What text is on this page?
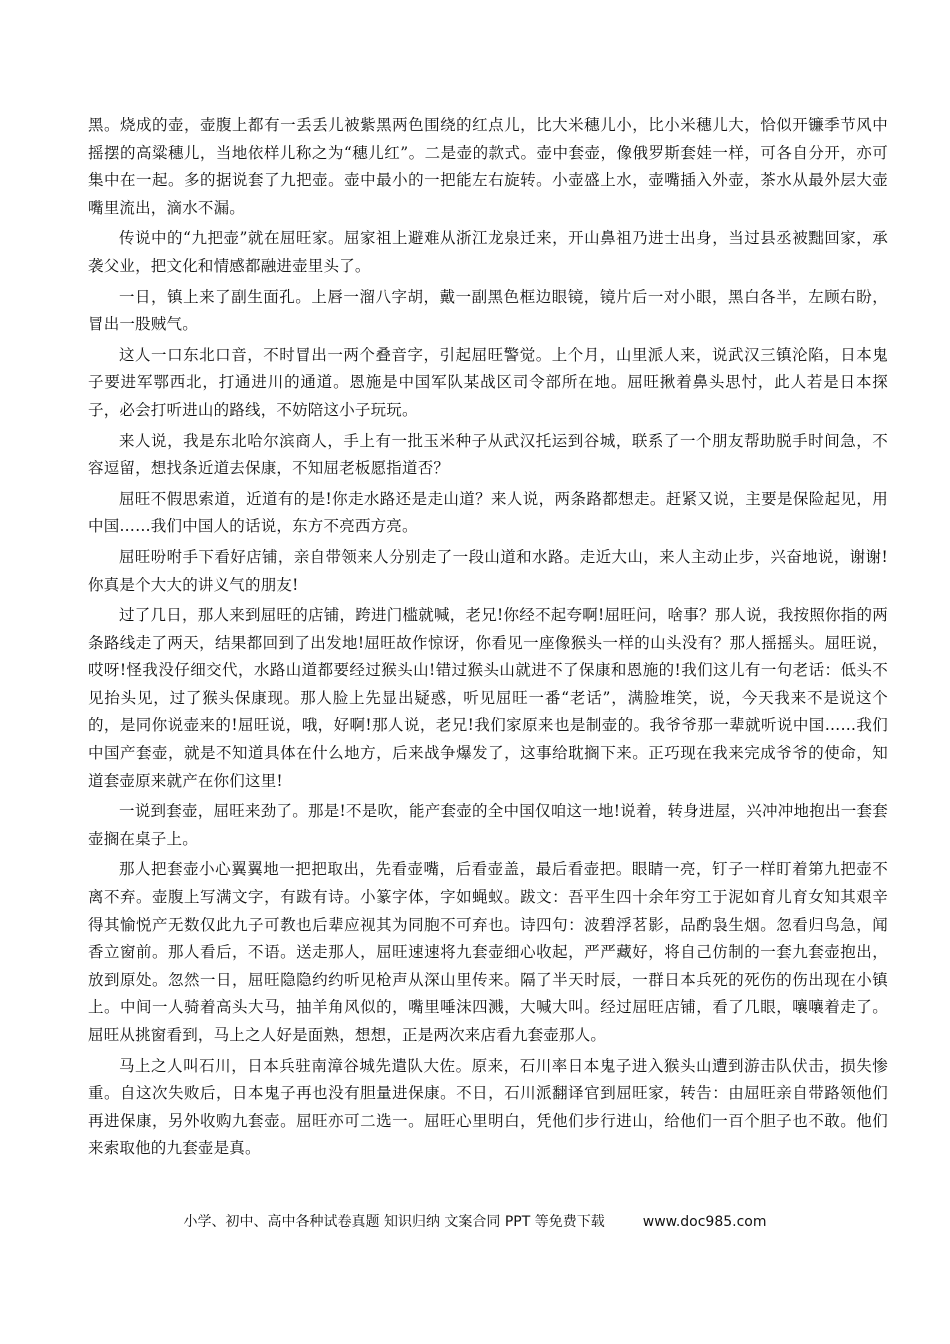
黑。烧成的壶，壶腹上都有一丢丢儿被紫黑两色围绕的红点儿，比大米穗儿小，比小米穗儿大，恰似开镰季节风中摇摆的高粱穗儿，当地依样儿称之为“穗儿红”。二是壶的款式。壶中套壶，像俄罗斯套娃一样，可各自分开，亦可集中在一起。多的据说套了九把壶。壶中最小的一把能左右旋转。小壶盛上水，壶嘴插入外壶，茶水从最外层大壶嘴里流出，滴水不漏。

传说中的“九把壶”就在屈旺家。屈家祖上避难从浙江龙泉迁来，开山鼻祖乃进士出身，当过县丞被黜回家，承袭父业，把文化和情感都融进壶里头了。

一日，镇上来了副生面孔。上唇一溜八字胡，戴一副黑色框边眼镜，镜片后一对小眼，黑白各半，左顾右盼，冒出一股贼气。

这人一口东北口音，不时冒出一两个叠音字，引起屈旺警觉。上个月，山里派人来，说武汉三镇沦陷，日本鬼子要进军鄂西北，打通进川的通道。恩施是中国军队某战区司令部所在地。屈旺揪着鼻头思忖，此人若是日本探子，必会打听进山的路线，不妨陪这小子玩玩。

来人说，我是东北哈尔滨商人，手上有一批玉米种子从武汉托运到谷城，联系了一个朋友帮助脱手时间急，不容逗留，想找条近道去保康，不知屈老板愿指道否？

屈旺不假思索道，近道有的是!你走水路还是走山道？来人说，两条路都想走。赶紧又说，主要是保险起见，用中国……我们中国人的话说，东方不亮西方亮。

屈旺吩咐手下看好店铺，亲自带领来人分别走了一段山道和水路。走近大山，来人主动止步，兴奋地说，谢谢!你真是个大大的讲义气的朋友!

过了几日，那人来到屈旺的店铺，跨进门槛就喊，老兄!你经不起夸啊!屈旺问，啥事？那人说，我按照你指的两条路线走了两天，结果都回到了出发地!屈旺故作惊讶，你看见一座像猴头一样的山头没有？那人摇摇头。屈旺说，哎呀!怪我没仔细交代，水路山道都要经过猴头山!错过猴头山就进不了保康和恩施的!我们这儿有一句老话：低头不见抬头见，过了猴头保康现。那人脸上先显出疑惑，听见屈旺一番“老话”，满脸堆笑，说，今天我来不是说这个的，是同你说壶来的!屈旺说，哦，好啊!那人说，老兄!我们家原来也是制壶的。我爷爷那一辈就听说中国……我们中国产套壶，就是不知道具体在什么地方，后来战争爆发了，这事给耽搁下来。正巧现在我来完成爷爷的使命，知道套壶原来就产在你们这里!

一说到套壶，屈旺来劲了。那是!不是吹，能产套壶的全中国仅咱这一地!说着，转身进屋，兴冲冲地抱出一套套壶搁在桌子上。

那人把套壶小心翼翼地一把把取出，先看壶嘴，后看壶盖，最后看壶把。眼睛一亮，钉子一样盯着第九把壶不离不弃。壶腹上写满文字，有跋有诗。小篆字体，字如蝇蚁。跋文：吾平生四十余年穷工于泥如育儿育女知其艰辛得其愉悦产无数仅此九子可教也后辈应视其为同胞不可弃也。诗四句：波碧浮茗影，品酌袅生烟。忽看归鸟急，闻香立窗前。那人看后，不语。送走那人，屈旺速速将九套壶细心收起，严严藏好，将自己仿制的一套九套壶抱出，放到原处。忽然一日，屈旺隐隐约约听见枪声从深山里传来。隔了半天时辰，一群日本兵死的死伤的伤出现在小镇上。中间一人骑着高头大马，抽羊角风似的，嘴里唾沫四溅，大喊大叫。经过屈旺店铺，看了几眼，嚷嚷着走了。屈旺从挑窗看到，马上之人好是面熟，想想，正是两次来店看九套壶那人。

马上之人叫石川，日本兵驻南漳谷城先遣队大佐。原来，石川率日本鬼子进入猴头山遭到游击队伏击，损失惨重。自这次失败后，日本鬼子再也没有胆量进保康。不日，石川派翻译官到屈旺家，转告：由屈旺亲自带路领他们再进保康，另外收购九套壶。屈旺亦可二选一。屈旺心里明白，凭他们步行进山，给他们一百个胆子也不敢。他们来索取他的九套壶是真。

小学、初中、高中各种试卷真题 知识归纳 文案合同 PPT 等免费下载	www.doc985.com
